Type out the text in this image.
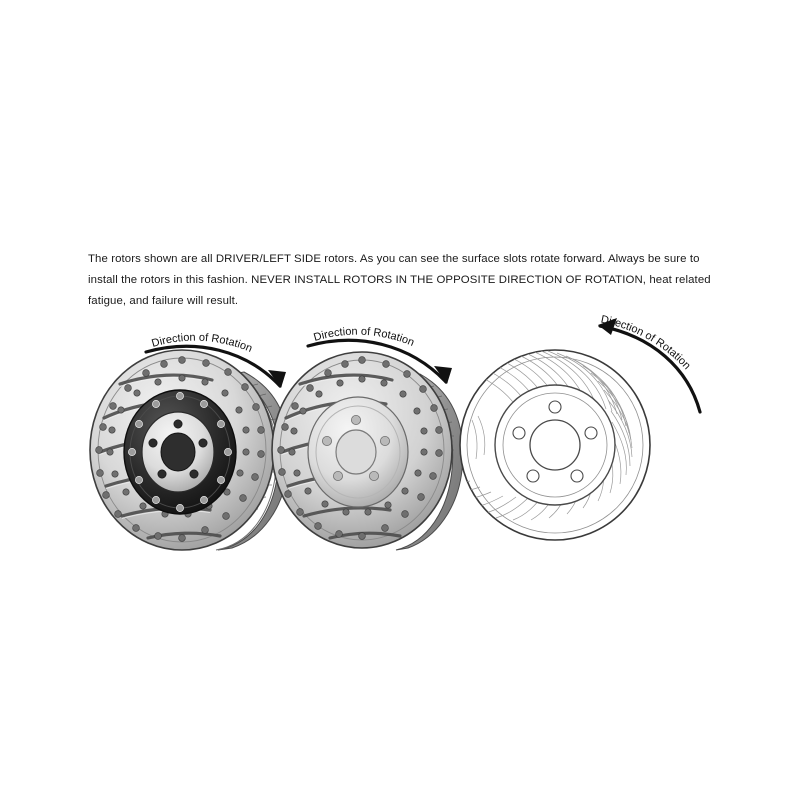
The rotors shown are all DRIVER/LEFT SIDE rotors. As you can see the surface slots rotate forward. Always be sure to install the rotors in this fashion. NEVER INSTALL ROTORS IN THE OPPOSITE DIRECTION OF ROTATION, heat related fatigue, and failure will result.

Direction of Rotation
Direction of Rotation
Direction of Rotation
